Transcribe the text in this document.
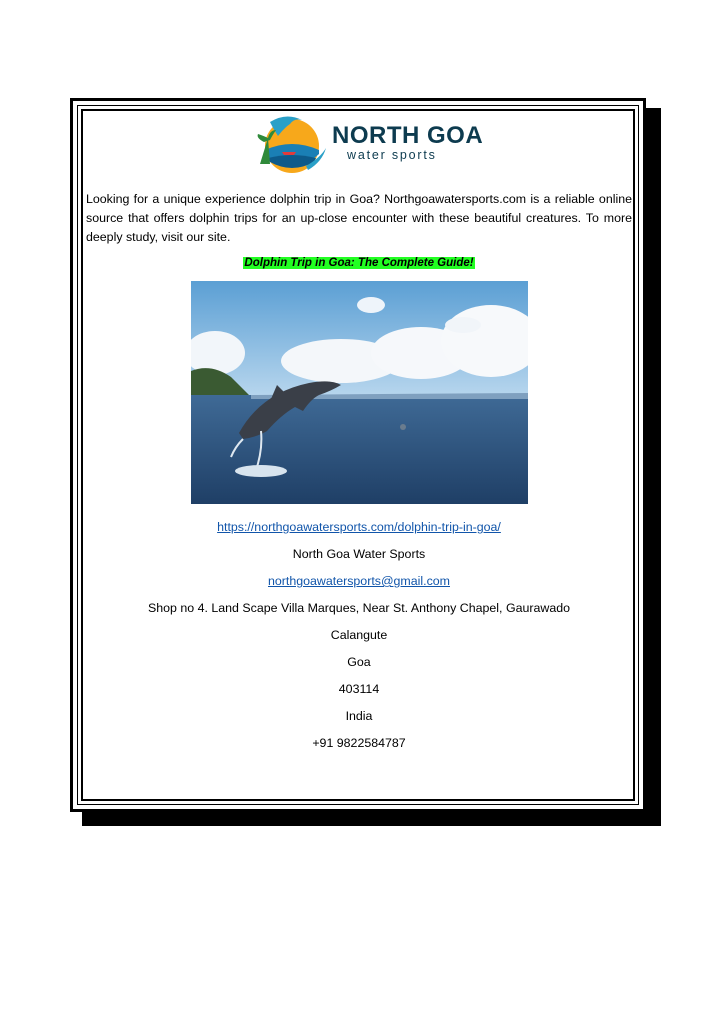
NORTH GOA
water sports

Looking for a unique experience dolphin trip in Goa? Northgoawatersports.com is a reliable online source that offers dolphin trips for an up-close encounter with these beautiful creatures. To more deeply study, visit our site.

Dolphin Trip in Goa: The Complete Guide!
https://northgoawatersports.com/dolphin-trip-in-goa/
North Goa Water Sports
northgoawatersports@gmail.com
Shop no 4. Land Scape Villa Marques, Near St. Anthony Chapel, Gaurawado
Calangute
Goa
403114
India
+91 9822584787
